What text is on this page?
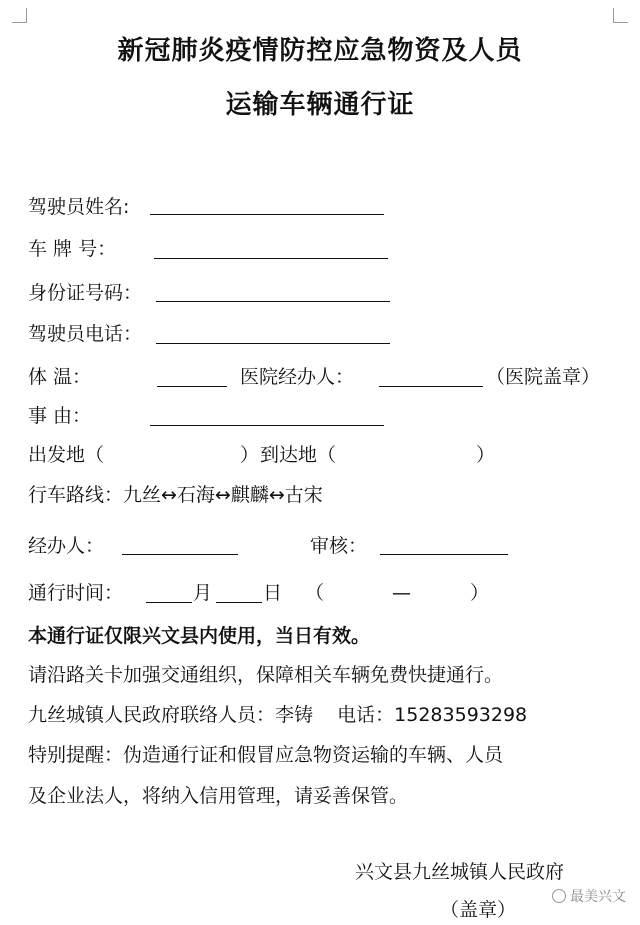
新冠肺炎疫情防控应急物资及人员
运输车辆通行证
驾驶员姓名:
车 牌 号：
身份证号码：
驾驶员电话：
体 温：	医院经办人：	（医院盖章）
事 由：
出发地（	） 到达地（	）
行车路线：九丝↔石海↔麒麟↔古宋
经办人：	审核：
通行时间：	月	日 （	—	）
本通行证仅限兴文县内使用，当日有效。
请沿路关卡加强交通组织，保障相关车辆免费快捷通行。
九丝城镇人民政府联络人员：李铸    电话：15283593298
特别提醒：伪造通行证和假冒应急物资运输的车辆、人员
及企业法人，将纳入信用管理，请妥善保管。
兴文县九丝城镇人民政府
（盖章）
最美兴文
